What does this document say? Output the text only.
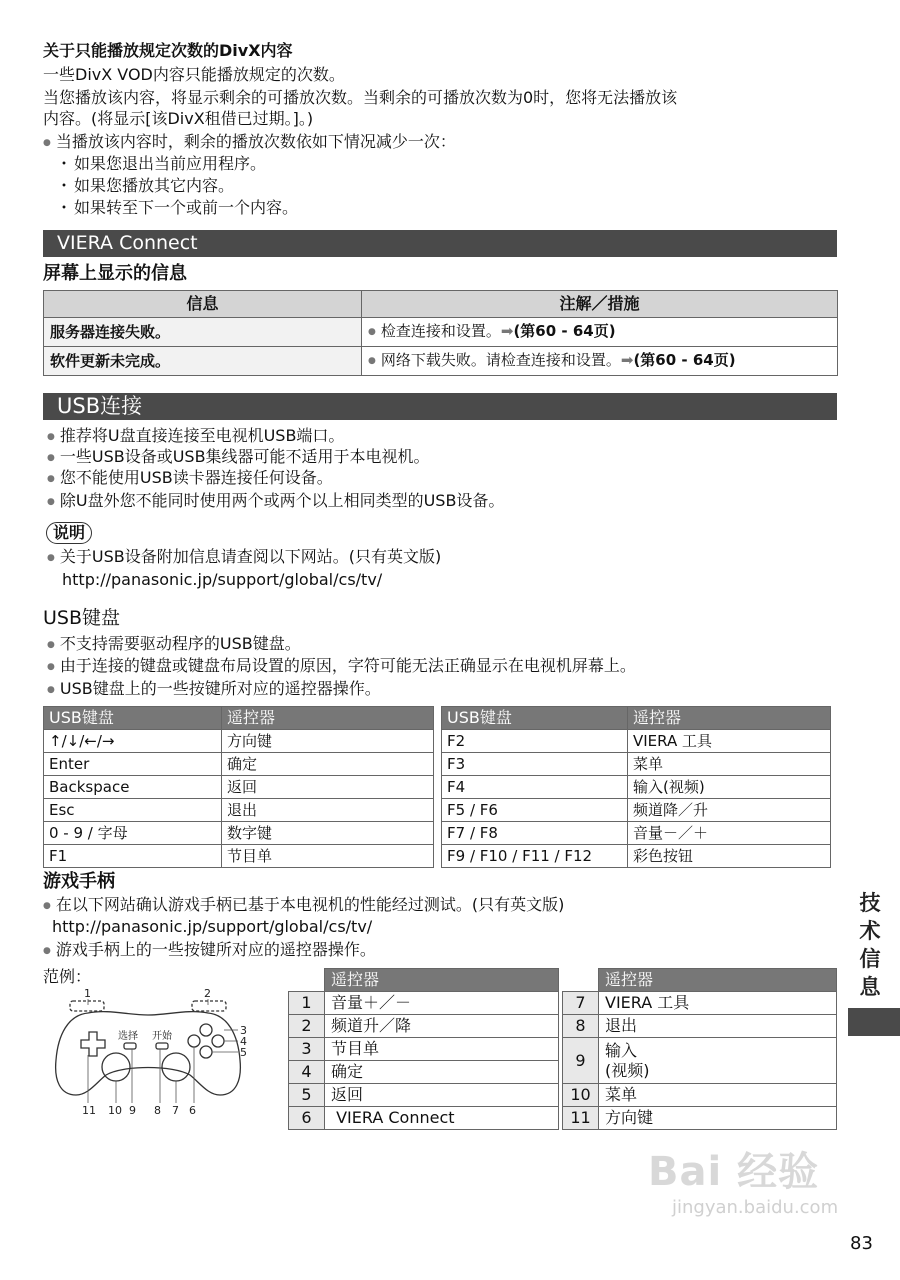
关于只能播放规定次数的DivX内容
一些DivX VOD内容只能播放规定的次数。
当您播放该内容，将显示剩余的可播放次数。当剩余的可播放次数为0时，您将无法播放该
内容。(将显示[该DivX租借已过期。]。)
● 当播放该内容时，剩余的播放次数依如下情况减少一次：
・ 如果您退出当前应用程序。
・ 如果您播放其它内容。
・ 如果转至下一个或前一个内容。
VIERA Connect
屏幕上显示的信息
信息	注解／措施
服务器连接失败。	● 检查连接和设置。➡(第60 - 64页)
软件更新未完成。	● 网络下载失败。请检查连接和设置。➡(第60 - 64页)
USB连接
● 推荐将U盘直接连接至电视机USB端口。
● 一些USB设备或USB集线器可能不适用于本电视机。
● 您不能使用USB读卡器连接任何设备。
● 除U盘外您不能同时使用两个或两个以上相同类型的USB设备。
说明
● 关于USB设备附加信息请查阅以下网站。(只有英文版)
http://panasonic.jp/support/global/cs/tv/
USB键盘
● 不支持需要驱动程序的USB键盘。
● 由于连接的键盘或键盘布局设置的原因，字符可能无法正确显示在电视机屏幕上。
● USB键盘上的一些按键所对应的遥控器操作。
USB键盘	遥控器		USB键盘	遥控器
↑/↓/←/→	方向键		F2	VIERA 工具
Enter	确定		F3	菜单
Backspace	返回		F4	输入(视频)
Esc	退出		F5 / F6	频道降／升
0 - 9 / 字母	数字键		F7 / F8	音量－／＋
F1	节目单		F9 / F10 / F11 / F12	彩色按钮
游戏手柄
● 在以下网站确认游戏手柄已基于本电视机的性能经过测试。(只有英文版)
http://panasonic.jp/support/global/cs/tv/
● 游戏手柄上的一些按键所对应的遥控器操作。
范例：
1	2
3
4
5
11 10 9 8 7 6
选择 开始
	遥控器			遥控器
1	音量＋／－		7	VIERA 工具
2	频道升／降		8	退出
3	节目单		9	输入
(视频)
4	确定			
5	返回		10	菜单
6	VIERA Connect		11	方向键
技术信息
Bai 经验
jingyan.baidu.com
83
